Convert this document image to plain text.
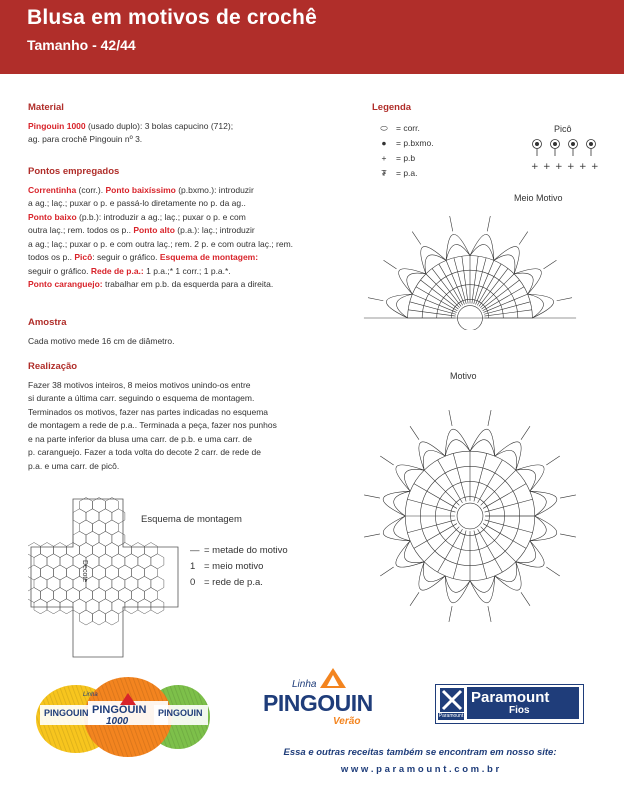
Blusa em motivos de crochê
Tamanho - 42/44
Material

Pingouin 1000 (usado duplo): 3 bolas capucino (712);

ag. para crochê Pingouin nº 3.

Pontos empregados

Correntinha (corr.). Ponto baixíssimo (p.bxmo.): introduzir

a ag.; laç.; puxar o p. e passá-lo diretamente no p. da ag..

Ponto baixo (p.b.): introduzir a ag.; laç.; puxar o p. e com

outra laç.; rem. todos os p.. Ponto alto (p.a.): laç.; introduzir

a ag.; laç.; puxar o p. e com outra laç.; rem. 2 p. e com outra laç.; rem.

todos os p.. Picô: seguir o gráfico. Esquema de montagem:

seguir o gráfico. Rede de p.a.: 1 p.a.;* 1 corr.; 1 p.a.*.

Ponto caranguejo: trabalhar em p.b. da esquerda para a direita.

Amostra

Cada motivo mede 16 cm de diâmetro.

Realização

Fazer 38 motivos inteiros, 8 meios motivos unindo-os entre

si durante a última carr. seguindo o esquema de montagem.

Terminados os motivos, fazer nas partes indicadas no esquema

de montagem a rede de p.a.. Terminada a peça, fazer nos punhos

e na parte inferior da blusa uma carr. de p.b. e uma carr. de

p. caranguejo. Fazer a toda volta do decote 2 carr. de rede de

p.a. e uma carr. de picô.

Legenda
⬭ = corr.
● = p.bxmo.
+ = p.b
₮ = p.a.
Picô
+ + + + + +
Meio Motivo
Motivo
Esquema de montagem
Decote
— = metade do motivo
1 = meio motivo
0 = rede de p.a.
Linha
PINGOUIN PINGOUIN PINGOUIN
1000
Linha
PINGOUIN
Verão	Paramount
Paramount
Fios
Essa e outras receitas também se encontram em nosso site:
w w w . p a r a m o u n t . c o m . b r
